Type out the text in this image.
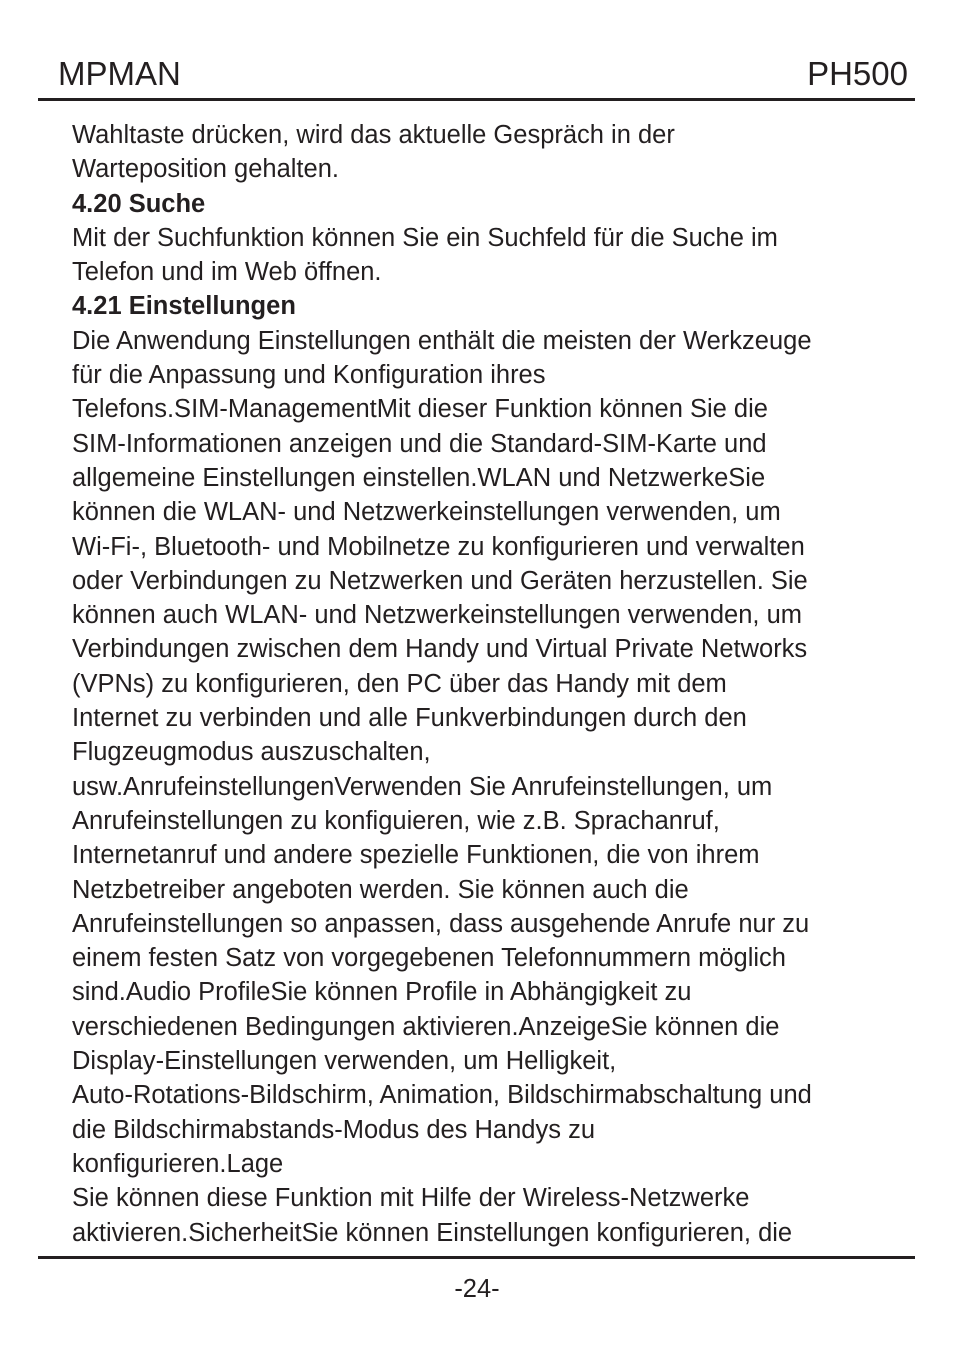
MPMAN	PH500
Wahltaste drücken, wird das aktuelle Gespräch in der
Warteposition gehalten.
4.20 Suche
Mit der Suchfunktion können Sie ein Suchfeld für die Suche im
Telefon und im Web öffnen.
4.21 Einstellungen
Die Anwendung Einstellungen enthält die meisten der Werkzeuge
für die Anpassung und Konfiguration ihres
Telefons.SIM-ManagementMit dieser Funktion können Sie die
SIM-Informationen anzeigen und die Standard-SIM-Karte und
allgemeine Einstellungen einstellen.WLAN und NetzwerkeSie
können die WLAN- und Netzwerkeinstellungen verwenden, um
Wi-Fi-, Bluetooth- und Mobilnetze zu konfigurieren und verwalten
oder Verbindungen zu Netzwerken und Geräten herzustellen. Sie
können auch WLAN- und Netzwerkeinstellungen verwenden, um
Verbindungen zwischen dem Handy und Virtual Private Networks
(VPNs) zu konfigurieren, den PC über das Handy mit dem
Internet zu verbinden und alle Funkverbindungen durch den
Flugzeugmodus auszuschalten,
usw.AnrufeinstellungenVerwenden Sie Anrufeinstellungen, um
Anrufeinstellungen zu konfiguieren, wie z.B. Sprachanruf,
Internetanruf und andere spezielle Funktionen, die von ihrem
Netzbetreiber angeboten werden. Sie können auch die
Anrufeinstellungen so anpassen, dass ausgehende Anrufe nur zu
einem festen Satz von vorgegebenen Telefonnummern möglich
sind.Audio ProfileSie können Profile in Abhängigkeit zu
verschiedenen Bedingungen aktivieren.AnzeigeSie können die
Display-Einstellungen verwenden, um Helligkeit,
Auto-Rotations-Bildschirm, Animation, Bildschirmabschaltung und
die Bildschirmabstands-Modus des Handys zu
konfigurieren.Lage
Sie können diese Funktion mit Hilfe der Wireless-Netzwerke
aktivieren.SicherheitSie können Einstellungen konfigurieren, die
-24-
